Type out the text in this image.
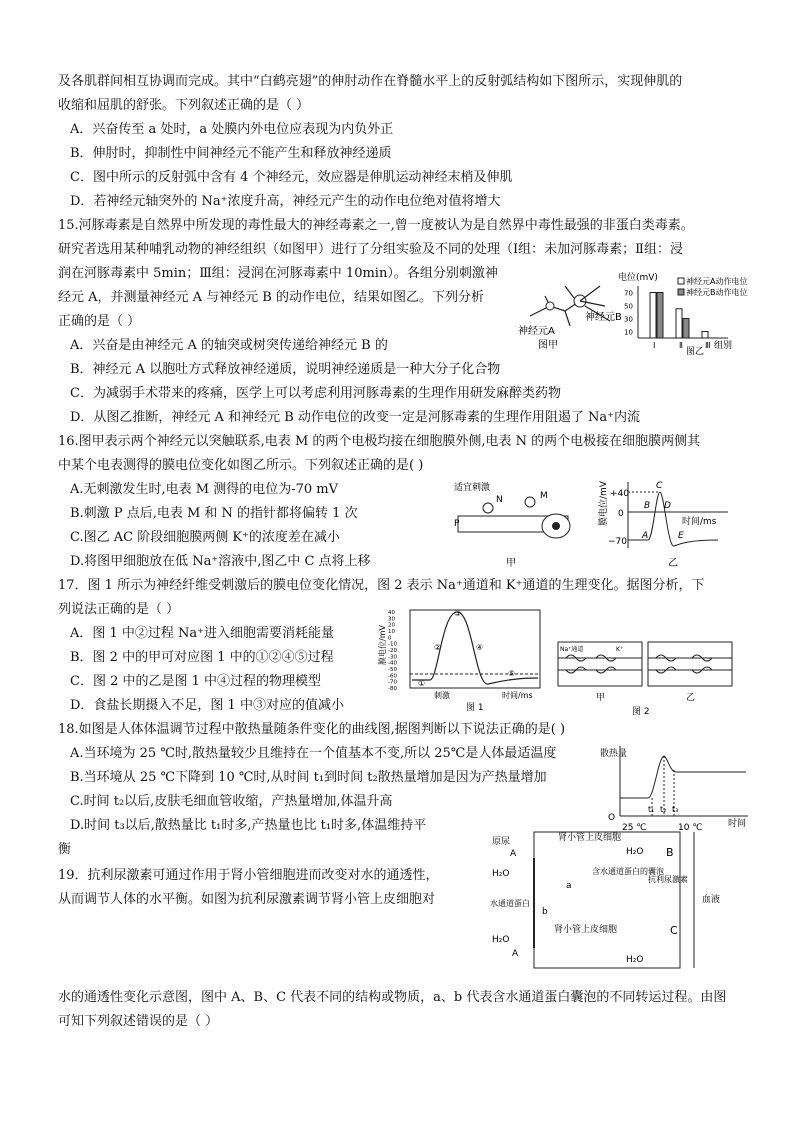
及各肌群间相互协调而完成。其中“白鹤亮翅”的伸肘动作在脊髓水平上的反射弧结构如下图所示，实现伸肌的
收缩和屈肌的舒张。下列叙述正确的是（ ）
A．兴奋传至 a 处时，a 处膜内外电位应表现为内负外正
B．伸肘时，抑制性中间神经元不能产生和释放神经递质
C．图中所示的反射弧中含有 4 个神经元，效应器是伸肌运动神经末梢及伸肌
D．若神经元轴突外的 Na⁺浓度升高，神经元产生的动作电位绝对值将增大
15.河豚毒素是自然界中所发现的毒性最大的神经毒素之一,曾一度被认为是自然界中毒性最强的非蛋白类毒素。
研究者选用某种哺乳动物的神经组织（如图甲）进行了分组实验及不同的处理（Ⅰ组：未加河豚毒素；Ⅱ组：浸
润在河豚毒素中 5min；Ⅲ组：浸润在河豚毒素中 10min）。各组分别刺激神
经元 A，并测量神经元 A 与神经元 B 的动作电位，结果如图乙。下列分析
正确的是（ ）
A．兴奋是由神经元 A 的轴突或树突传递给神经元 B 的
B．神经元 A 以胞吐方式释放神经递质，说明神经递质是一种大分子化合物
C．为减弱手术带来的疼痛，医学上可以考虑利用河豚毒素的生理作用研发麻醉类药物
D．从图乙推断，神经元 A 和神经元 B 动作电位的改变一定是河豚毒素的生理作用阻遏了 Na⁺内流
神经元A
神经元B
图甲
电位(mV)
70
50
30
10
Ⅰ	Ⅱ	Ⅲ 组别
神经元A动作电位
神经元B动作电位
图乙
16.图甲表示两个神经元以突触联系,电表 M 的两个电极均接在细胞膜外侧,电表 N 的两个电极接在细胞膜两侧其
中某个电表测得的膜电位变化如图乙所示。下列叙述正确的是( )
A.无刺激发生时,电表 M 测得的电位为-70 mV
B.刺激 P 点后,电表 M 和 N 的指针都将偏转 1 次
C.图乙 AC 阶段细胞膜两侧 K⁺的浓度差在减小
D.将图甲细胞放在低 Na⁺溶液中,图乙中 C 点将上移
适宜刺激
N	M
P
甲
膜电位/mV +40
0
−70
C
B D
A	E
时间/ms
乙
17．图 1 所示为神经纤维受刺激后的膜电位变化情况，图 2 表示 Na⁺通道和 K⁺通道的生理变化。据图分析，下
列说法正确的是（ ）
A．图 1 中②过程 Na⁺进入细胞需要消耗能量
B．图 2 中的甲可对应图 1 中的①②④⑤过程
C．图 2 中的乙是图 1 中④过程的物理模型
D．食盐长期摄入不足，图 1 中③对应的值减小
膜电位/mV
40
30
20
10
0
-10
-20
-30
-40
-50
-60
-70
-80
①
②
③
④
⑤
刺激	时间/ms
图 1
Na⁺通道	K⁺
甲	乙
图 2
18.如图是人体体温调节过程中散热量随条件变化的曲线图,据图判断以下说法正确的是( )
A.当环境为 25 ℃时,散热量较少且维持在一个值基本不变,所以 25℃是人体最适温度
B.当环境从 25 ℃下降到 10 ℃时,从时间 t₁到时间 t₂散热量增加是因为产热量增加
C.时间 t₂以后,皮肤毛细血管收缩，产热量增加,体温升高
D.时间 t₃以后,散热量比 t₁时多,产热量也比 t₁时多,体温维持平
衡
散热量
O
t₁ t₂ t₃
25 ℃	10 ℃	时间
19．抗利尿激素可通过作用于肾小管细胞进而改变对水的通透性，
从而调节人体的水平衡。如图为抗利尿激素调节肾小管上皮细胞对
水的通透性变化示意图，图中 A、B、C 代表不同的结构或物质，a、b 代表含水通道蛋白囊泡的不同转运过程。由图
可知下列叙述错误的是（ ）
肾小管上皮细胞
原尿
A	H₂O
H₂O
a
b
含水通道蛋白的囊泡
B
抗利尿激素
C
水通道蛋白	血液
肾小管上皮细胞
H₂O
A
H₂O
